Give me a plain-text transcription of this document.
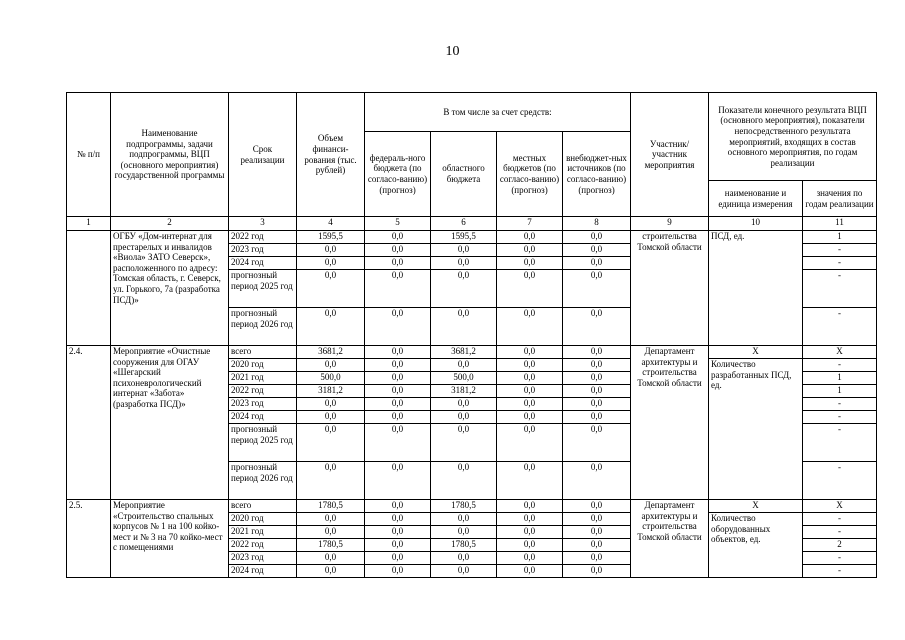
10
№ п/п	Наименование подпрограммы, задачи подпрограммы, ВЦП (основного мероприятия) государственной программы	Срок реализации	Объем финанси-рования (тыс. рублей)	В том числе за счет средств:				Участник/ участник мероприятия	Показатели конечного результата ВЦП (основного мероприятия), показатели непосредственного результата мероприятий, входящих в состав основного мероприятия, по годам реализации	
				федераль-ного бюджета (по согласо-ванию) (прогноз)	областного бюджета	местных бюджетов (по согласо-ванию) (прогноз)	внебюджет-ных источников (по согласо-ванию) (прогноз)			
									наименование и единица измерения	значения по годам реализации
1	2	3	4	5	6	7	8	9	10	11
	ОГБУ «Дом-интернат для престарелых и инвалидов «Виола» ЗАТО Северск», расположенного по адресу: Томская область, г. Северск, ул. Горького, 7а (разработка ПСД)»	2022 год	1595,5	0,0	1595,5	0,0	0,0	строительства Томской области	ПСД, ед.	1
		2023 год	0,0	0,0	0,0	0,0	0,0			-
		2024 год	0,0	0,0	0,0	0,0	0,0			-
		прогнозный период 2025 год	0,0	0,0	0,0	0,0	0,0			-
		прогнозный период 2026 год	0,0	0,0	0,0	0,0	0,0			-
2.4.	Мероприятие «Очистные сооружения для ОГАУ «Шегарский психоневрологический интернат «Забота» (разработка ПСД)»	всего	3681,2	0,0	3681,2	0,0	0,0	Департамент архитектуры и строительства Томской области	X	X
		2020 год	0,0	0,0	0,0	0,0	0,0		Количество разработанных ПСД, ед.	-
		2021 год	500,0	0,0	500,0	0,0	0,0			1
		2022 год	3181,2	0,0	3181,2	0,0	0,0			1
		2023 год	0,0	0,0	0,0	0,0	0,0			-
		2024 год	0,0	0,0	0,0	0,0	0,0			-
		прогнозный период 2025 год	0,0	0,0	0,0	0,0	0,0			-
		прогнозный период 2026 год	0,0	0,0	0,0	0,0	0,0			-
2.5.	Мероприятие «Строительство спальных корпусов № 1 на 100 койко-мест и № 3 на 70 койко-мест с помещениями	всего	1780,5	0,0	1780,5	0,0	0,0	Департамент архитектуры и строительства Томской области	X	X
		2020 год	0,0	0,0	0,0	0,0	0,0		Количество оборудованных объектов, ед.	-
		2021 год	0,0	0,0	0,0	0,0	0,0			-
		2022 год	1780,5	0,0	1780,5	0,0	0,0			2
		2023 год	0,0	0,0	0,0	0,0	0,0			-
		2024 год	0,0	0,0	0,0	0,0	0,0			-
